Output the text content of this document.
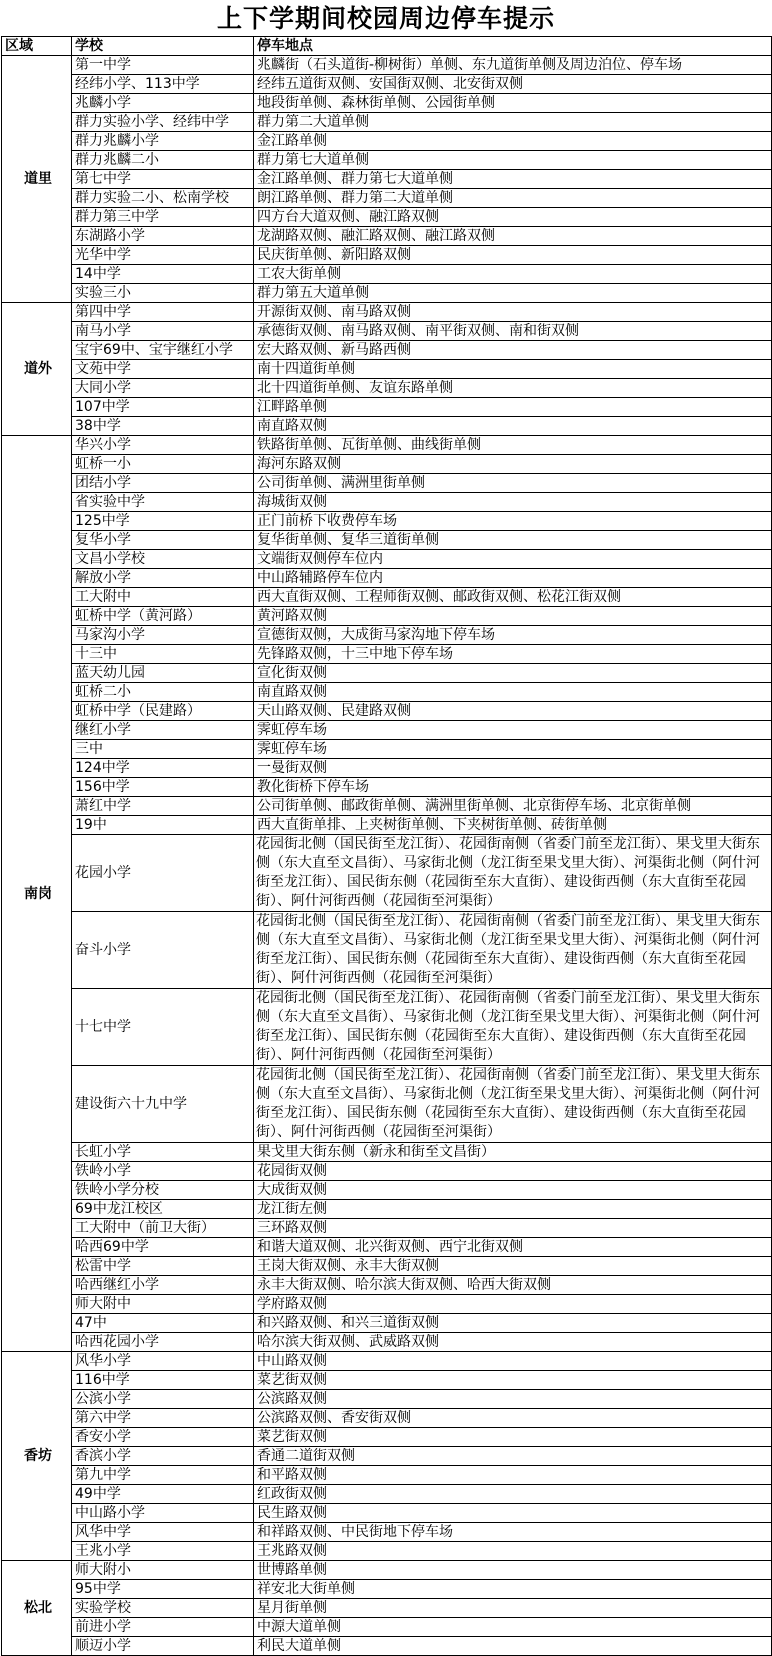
上下学期间校园周边停车提示
区域	学校	停车地点
道里	第一中学	兆麟街（石头道街-柳树街）单侧、东九道街单侧及周边泊位、停车场
	经纬小学、113中学	经纬五道街双侧、安国街双侧、北安街双侧
	兆麟小学	地段街单侧、森林街单侧、公园街单侧
	群力实验小学、经纬中学	群力第二大道单侧
	群力兆麟小学	金江路单侧
	群力兆麟二小	群力第七大道单侧
	第七中学	金江路单侧、群力第七大道单侧
	群力实验二小、松南学校	朗江路单侧、群力第二大道单侧
	群力第三中学	四方台大道双侧、融江路双侧
	东湖路小学	龙湖路双侧、融汇路双侧、融江路双侧
	光华中学	民庆街单侧、新阳路双侧
	14中学	工农大街单侧
	实验三小	群力第五大道单侧
道外	第四中学	开源街双侧、南马路双侧
	南马小学	承德街双侧、南马路双侧、南平街双侧、南和街双侧
	宝宇69中、宝宇继红小学	宏大路双侧、新马路西侧
	文苑中学	南十四道街单侧
	大同小学	北十四道街单侧、友谊东路单侧
	107中学	江畔路单侧
	38中学	南直路双侧
南岗	华兴小学	铁路街单侧、瓦街单侧、曲线街单侧
	虹桥一小	海河东路双侧
	团结小学	公司街单侧、满洲里街单侧
	省实验中学	海城街双侧
	125中学	正门前桥下收费停车场
	复华小学	复华街单侧、复华三道街单侧
	文昌小学校	文端街双侧停车位内
	解放小学	中山路辅路停车位内
	工大附中	西大直街双侧、工程师街双侧、邮政街双侧、松花江街双侧
	虹桥中学（黄河路）	黄河路双侧
	马家沟小学	宣德街双侧，大成街马家沟地下停车场
	十三中	先锋路双侧，十三中地下停车场
	蓝天幼儿园	宣化街双侧
	虹桥二小	南直路双侧
	虹桥中学（民建路）	天山路双侧、民建路双侧
	继红小学	霁虹停车场
	三中	霁虹停车场
	124中学	一曼街双侧
	156中学	教化街桥下停车场
	萧红中学	公司街单侧、邮政街单侧、满洲里街单侧、北京街停车场、北京街单侧
	19中	西大直街单排、上夹树街单侧、下夹树街单侧、砖街单侧
	花园小学	花园街北侧（国民街至龙江街）、花园街南侧（省委门前至龙江街）、果戈里大街东侧（东大直至文昌街）、马家街北侧（龙江街至果戈里大街）、河渠街北侧（阿什河街至龙江街）、国民街东侧（花园街至东大直街）、建设街西侧（东大直街至花园街）、阿什河街西侧（花园街至河渠街）
	奋斗小学	花园街北侧（国民街至龙江街）、花园街南侧（省委门前至龙江街）、果戈里大街东侧（东大直至文昌街）、马家街北侧（龙江街至果戈里大街）、河渠街北侧（阿什河街至龙江街）、国民街东侧（花园街至东大直街）、建设街西侧（东大直街至花园街）、阿什河街西侧（花园街至河渠街）
	十七中学	花园街北侧（国民街至龙江街）、花园街南侧（省委门前至龙江街）、果戈里大街东侧（东大直至文昌街）、马家街北侧（龙江街至果戈里大街）、河渠街北侧（阿什河街至龙江街）、国民街东侧（花园街至东大直街）、建设街西侧（东大直街至花园街）、阿什河街西侧（花园街至河渠街）
	建设街六十九中学	花园街北侧（国民街至龙江街）、花园街南侧（省委门前至龙江街）、果戈里大街东侧（东大直至文昌街）、马家街北侧（龙江街至果戈里大街）、河渠街北侧（阿什河街至龙江街）、国民街东侧（花园街至东大直街）、建设街西侧（东大直街至花园街）、阿什河街西侧（花园街至河渠街）
	长虹小学	果戈里大街东侧（新永和街至文昌街）
	铁岭小学	花园街双侧
	铁岭小学分校	大成街双侧
	69中龙江校区	龙江街左侧
	工大附中（前卫大街）	三环路双侧
	哈西69中学	和谐大道双侧、北兴街双侧、西宁北街双侧
	松雷中学	王岗大街双侧、永丰大街双侧
	哈西继红小学	永丰大街双侧、哈尔滨大街双侧、哈西大街双侧
	师大附中	学府路双侧
	47中	和兴路双侧、和兴三道街双侧
	哈西花园小学	哈尔滨大街双侧、武威路双侧
香坊	风华小学	中山路双侧
	116中学	菜艺街双侧
	公滨小学	公滨路双侧
	第六中学	公滨路双侧、香安街双侧
	香安小学	菜艺街双侧
	香滨小学	香通二道街双侧
	第九中学	和平路双侧
	49中学	红政街双侧
	中山路小学	民生路双侧
	风华中学	和祥路双侧、中民街地下停车场
	王兆小学	王兆路双侧
松北	师大附小	世博路单侧
	95中学	祥安北大街单侧
	实验学校	星月街单侧
	前进小学	中源大道单侧
	顺迈小学	利民大道单侧
